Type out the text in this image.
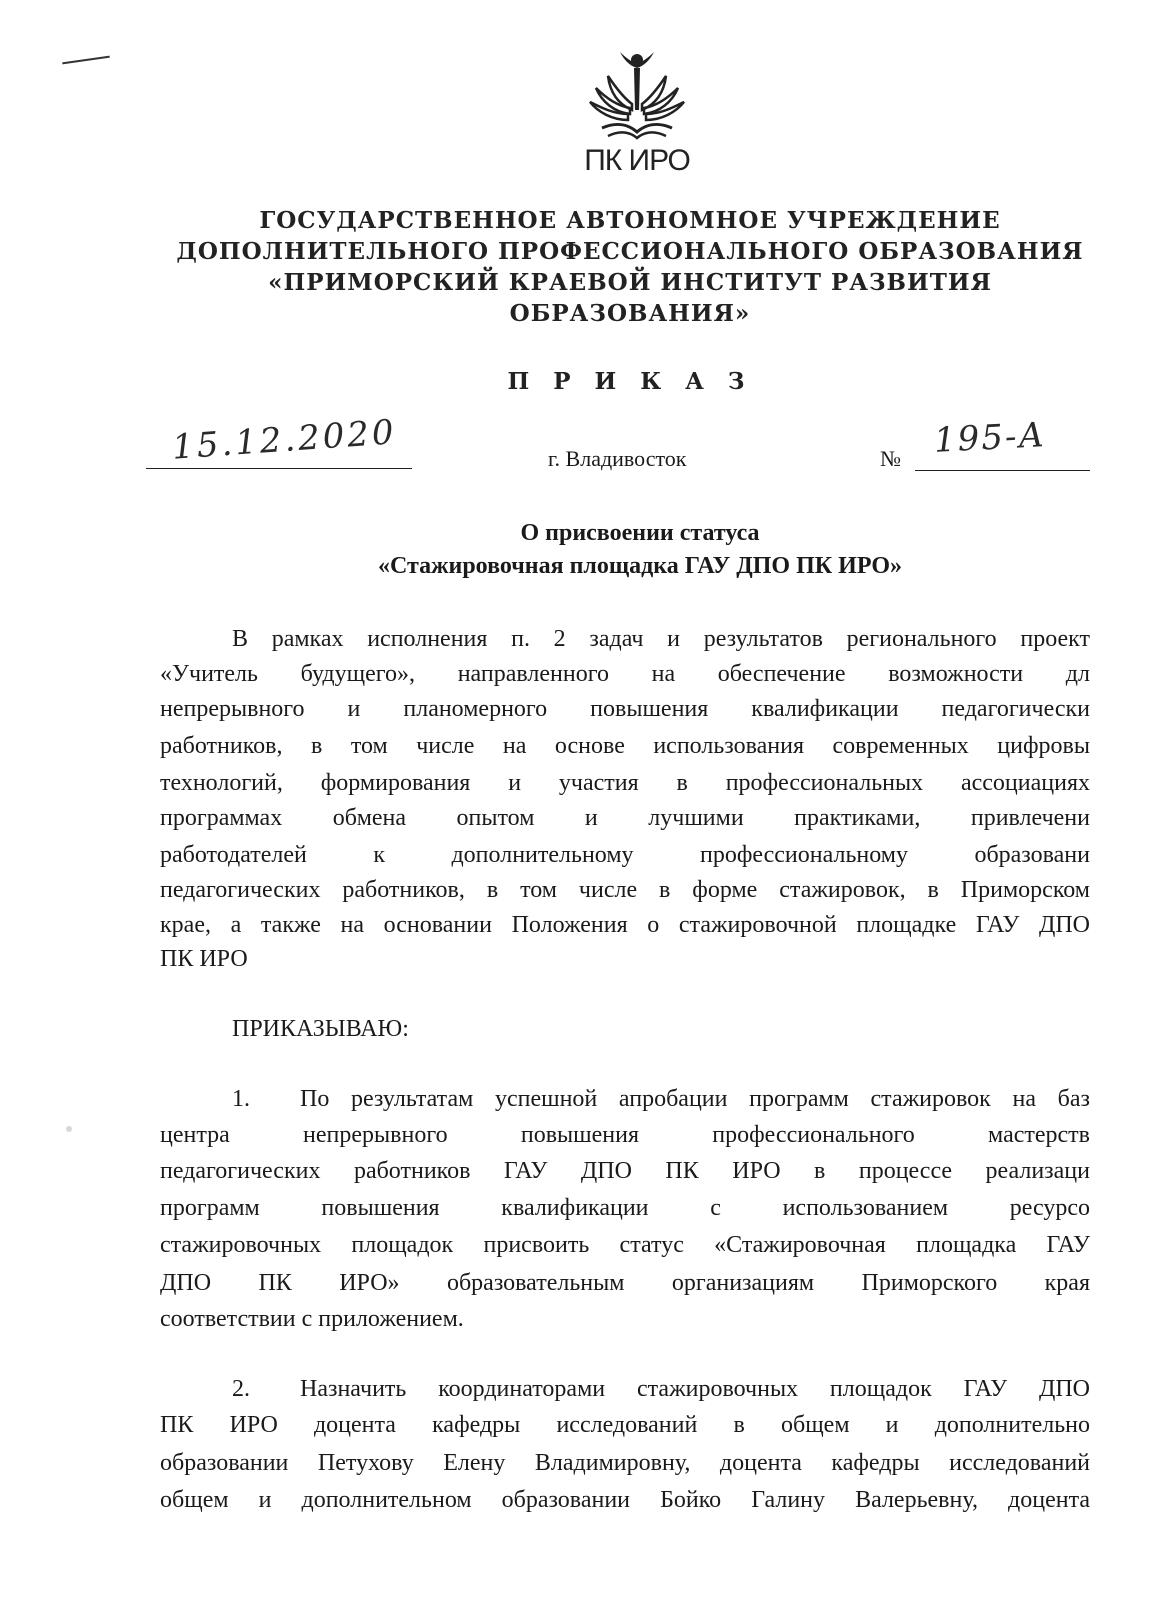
ПК ИРО
ГОСУДАРСТВЕННОЕ АВТОНОМНОЕ УЧРЕЖДЕНИЕ
ДОПОЛНИТЕЛЬНОГО ПРОФЕССИОНАЛЬНОГО ОБРАЗОВАНИЯ
«ПРИМОРСКИЙ КРАЕВОЙ ИНСТИТУТ РАЗВИТИЯ
ОБРАЗОВАНИЯ»
П Р И К А З
15.12.2020	г. Владивосток	№ 195-А
О присвоении статуса
«Стажировочная площадка ГАУ ДПО ПК ИРО»
В рамках исполнения п. 2 задач и результатов регионального проект
«Учитель будущего», направленного на обеспечение возможности дл
непрерывного и планомерного повышения квалификации педагогически
работников, в том числе на основе использования современных цифровы
технологий, формирования и участия в профессиональных ассоциациях
программах обмена опытом и лучшими практиками, привлечени
работодателей к дополнительному профессиональному образовани
педагогических работников, в том числе в форме стажировок, в Приморском
крае, а также на основании Положения о стажировочной площадке ГАУ ДПО
ПК ИРО
ПРИКАЗЫВАЮ:
1. По результатам успешной апробации программ стажировок на баз
центра непрерывного повышения профессионального мастерств
педагогических работников ГАУ ДПО ПК ИРО в процессе реализаци
программ повышения квалификации с использованием ресурсо
стажировочных площадок присвоить статус «Стажировочная площадка ГАУ
ДПО ПК ИРО» образовательным организациям Приморского края
соответствии с приложением.
2. Назначить координаторами стажировочных площадок ГАУ ДПО
ПК ИРО доцента кафедры исследований в общем и дополнительно
образовании Петухову Елену Владимировну, доцента кафедры исследований
общем и дополнительном образовании Бойко Галину Валерьевну, доцента
